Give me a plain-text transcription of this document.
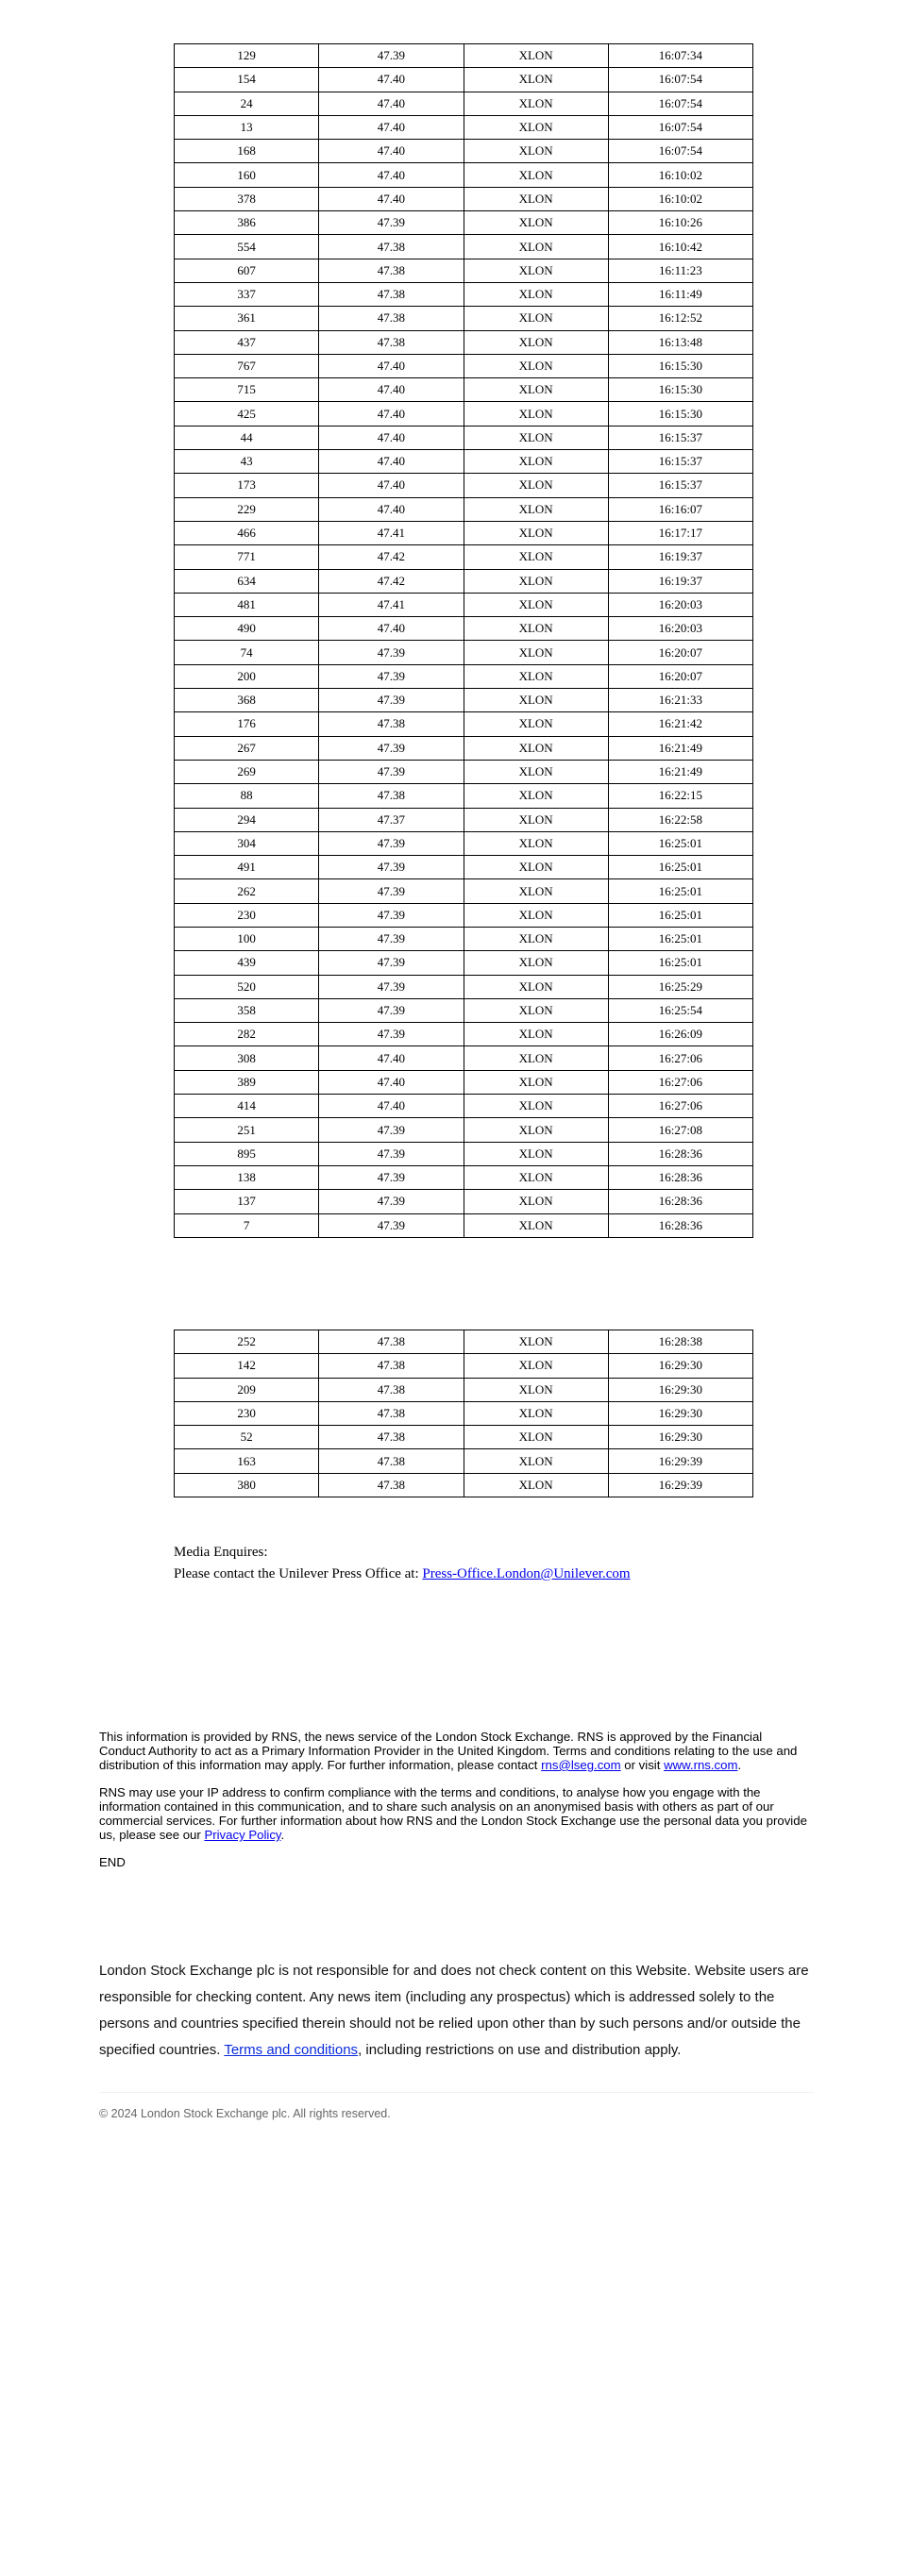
129	47.39	XLON	16:07:34
154	47.40	XLON	16:07:54
24	47.40	XLON	16:07:54
13	47.40	XLON	16:07:54
168	47.40	XLON	16:07:54
160	47.40	XLON	16:10:02
378	47.40	XLON	16:10:02
386	47.39	XLON	16:10:26
554	47.38	XLON	16:10:42
607	47.38	XLON	16:11:23
337	47.38	XLON	16:11:49
361	47.38	XLON	16:12:52
437	47.38	XLON	16:13:48
767	47.40	XLON	16:15:30
715	47.40	XLON	16:15:30
425	47.40	XLON	16:15:30
44	47.40	XLON	16:15:37
43	47.40	XLON	16:15:37
173	47.40	XLON	16:15:37
229	47.40	XLON	16:16:07
466	47.41	XLON	16:17:17
771	47.42	XLON	16:19:37
634	47.42	XLON	16:19:37
481	47.41	XLON	16:20:03
490	47.40	XLON	16:20:03
74	47.39	XLON	16:20:07
200	47.39	XLON	16:20:07
368	47.39	XLON	16:21:33
176	47.38	XLON	16:21:42
267	47.39	XLON	16:21:49
269	47.39	XLON	16:21:49
88	47.38	XLON	16:22:15
294	47.37	XLON	16:22:58
304	47.39	XLON	16:25:01
491	47.39	XLON	16:25:01
262	47.39	XLON	16:25:01
230	47.39	XLON	16:25:01
100	47.39	XLON	16:25:01
439	47.39	XLON	16:25:01
520	47.39	XLON	16:25:29
358	47.39	XLON	16:25:54
282	47.39	XLON	16:26:09
308	47.40	XLON	16:27:06
389	47.40	XLON	16:27:06
414	47.40	XLON	16:27:06
251	47.39	XLON	16:27:08
895	47.39	XLON	16:28:36
138	47.39	XLON	16:28:36
137	47.39	XLON	16:28:36
7	47.39	XLON	16:28:36
252	47.38	XLON	16:28:38
142	47.38	XLON	16:29:30
209	47.38	XLON	16:29:30
230	47.38	XLON	16:29:30
52	47.38	XLON	16:29:30
163	47.38	XLON	16:29:39
380	47.38	XLON	16:29:39
Media Enquires:
Please contact the Unilever Press Office at: Press-Office.London@Unilever.com

This information is provided by RNS, the news service of the London Stock Exchange. RNS is approved by the Financial Conduct Authority to act as a Primary Information Provider in the United Kingdom. Terms and conditions relating to the use and distribution of this information may apply. For further information, please contact rns@lseg.com or visit www.rns.com.

RNS may use your IP address to confirm compliance with the terms and conditions, to analyse how you engage with the information contained in this communication, and to share such analysis on an anonymised basis with others as part of our commercial services. For further information about how RNS and the London Stock Exchange use the personal data you provide us, please see our Privacy Policy.

END

London Stock Exchange plc is not responsible for and does not check content on this Website. Website users are responsible for checking content. Any news item (including any prospectus) which is addressed solely to the persons and countries specified therein should not be relied upon other than by such persons and/or outside the specified countries. Terms and conditions, including restrictions on use and distribution apply.
© 2024 London Stock Exchange plc. All rights reserved.
